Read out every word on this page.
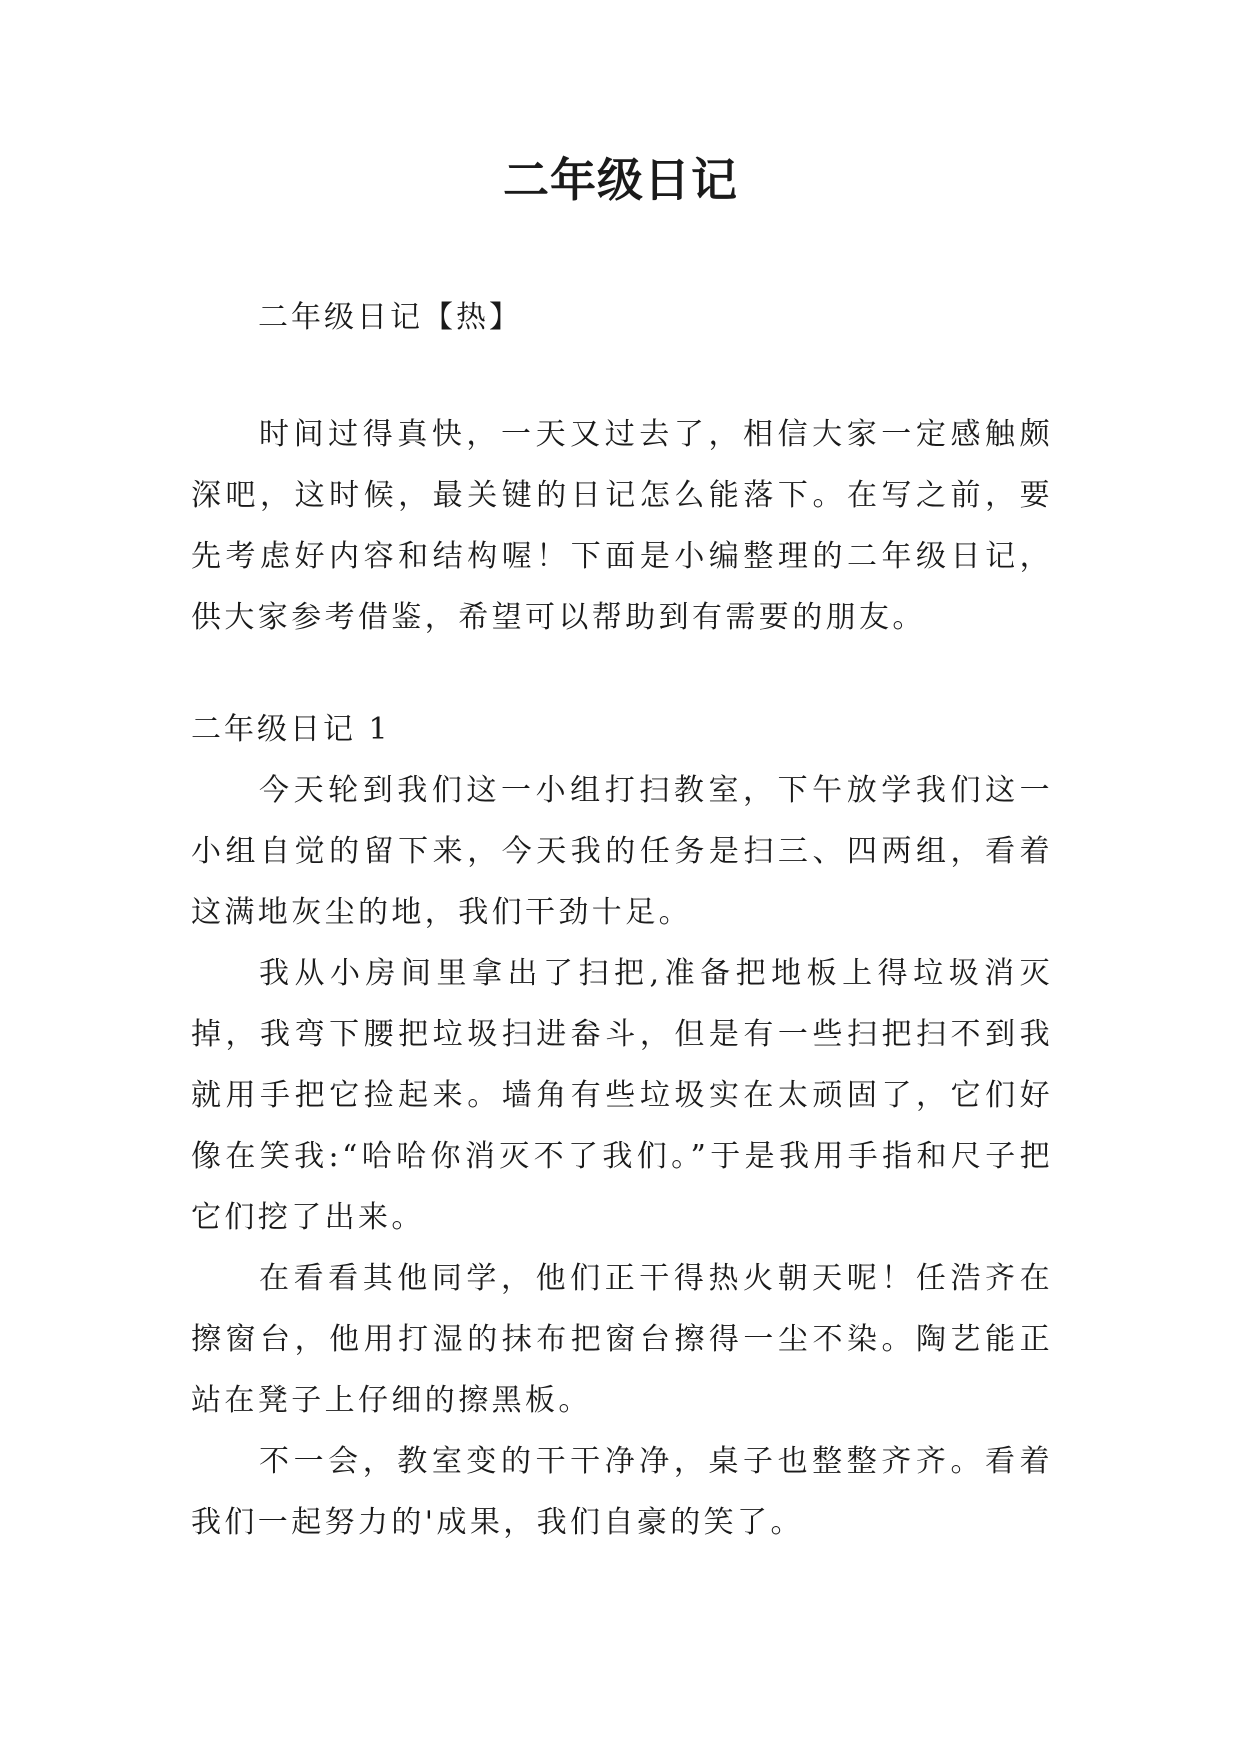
二年级日记
二年级日记【热】
时间过得真快，一天又过去了，相信大家一定感触颇深吧，这时候，最关键的日记怎么能落下。在写之前，要先考虑好内容和结构喔！下面是小编整理的二年级日记，供大家参考借鉴，希望可以帮助到有需要的朋友。

二年级日记 1

今天轮到我们这一小组打扫教室，下午放学我们这一小组自觉的留下来，今天我的任务是扫三、四两组，看着这满地灰尘的地，我们干劲十足。

我从小房间里拿出了扫把,准备把地板上得垃圾消灭掉，我弯下腰把垃圾扫进畚斗，但是有一些扫把扫不到我就用手把它捡起来。墙角有些垃圾实在太顽固了，它们好像在笑我:“哈哈你消灭不了我们。”于是我用手指和尺子把它们挖了出来。

在看看其他同学，他们正干得热火朝天呢！任浩齐在擦窗台，他用打湿的抹布把窗台擦得一尘不染。陶艺能正站在凳子上仔细的擦黑板。

不一会，教室变的干干净净，桌子也整整齐齐。看着我们一起努力的'成果，我们自豪的笑了。
